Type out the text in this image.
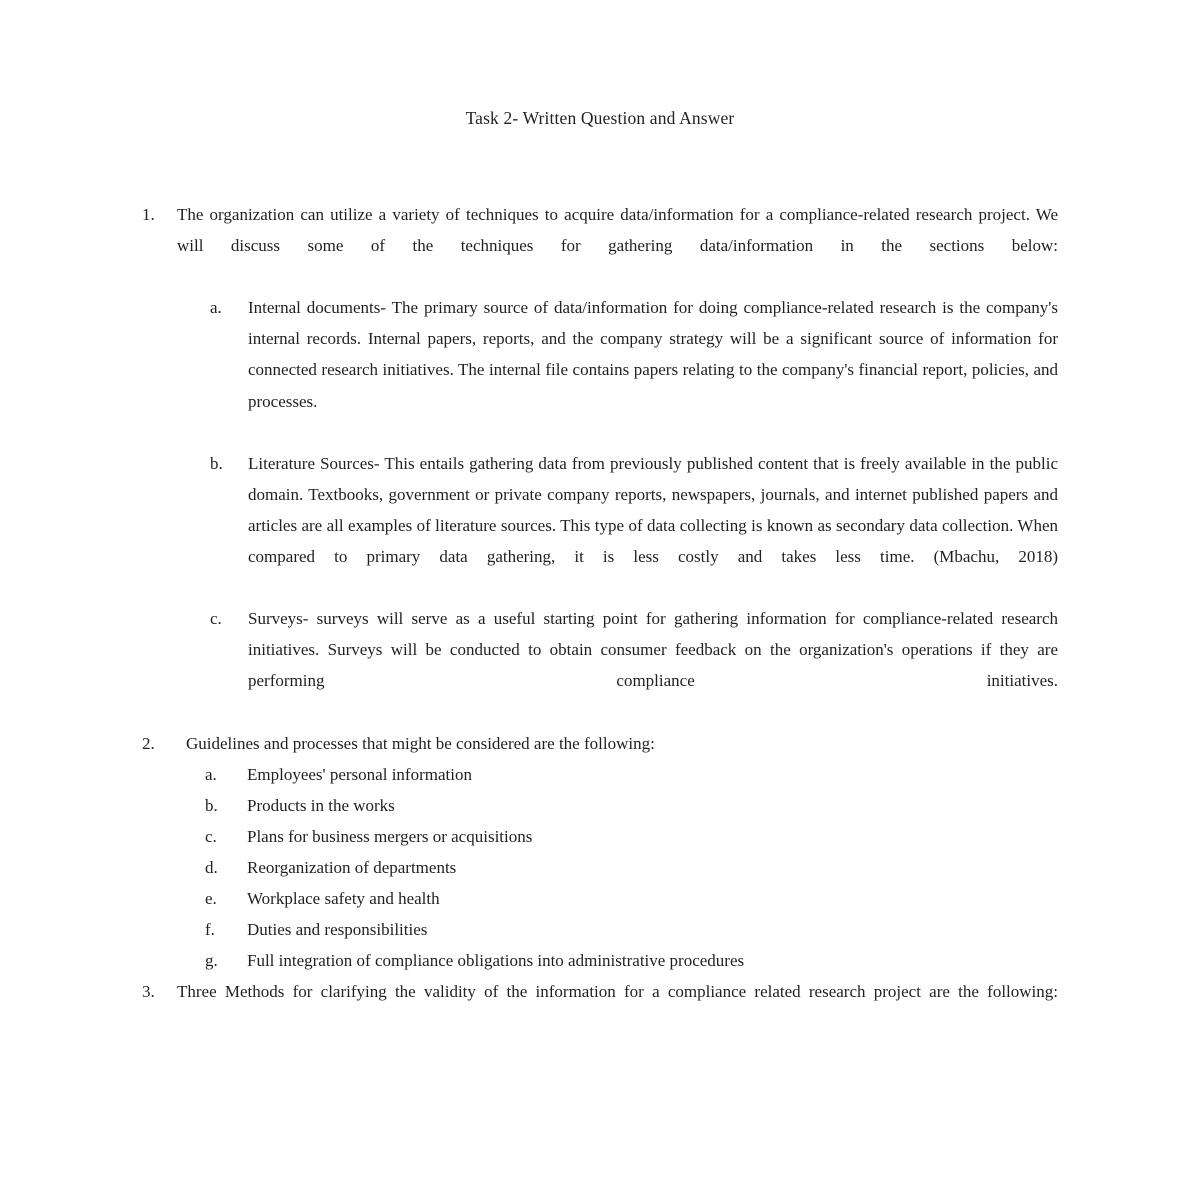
Task 2- Written Question and Answer
1.	The organization can utilize a variety of techniques to acquire data/information for a compliance-related research project. We will discuss some of the techniques for gathering data/information in the sections below:
a.	Internal documents- The primary source of data/information for doing compliance-related research is the company's internal records. Internal papers, reports, and the company strategy will be a significant source of information for connected research initiatives. The internal file contains papers relating to the company's financial report, policies, and processes.
b.	Literature Sources- This entails gathering data from previously published content that is freely available in the public domain. Textbooks, government or private company reports, newspapers, journals, and internet published papers and articles are all examples of literature sources. This type of data collecting is known as secondary data collection. When compared to primary data gathering, it is less costly and takes less time. (Mbachu, 2018)
c.	Surveys- surveys will serve as a useful starting point for gathering information for compliance-related research initiatives. Surveys will be conducted to obtain consumer feedback on the organization's operations if they are performing compliance initiatives.
2.	Guidelines and processes that might be considered are the following:
a.	Employees' personal information
b.	Products in the works
c.	Plans for business mergers or acquisitions
d.	Reorganization of departments
e.	Workplace safety and health
f.	Duties and responsibilities
g.	Full integration of compliance obligations into administrative procedures
3.	Three Methods for clarifying the validity of the information for a compliance related research project are the following:
